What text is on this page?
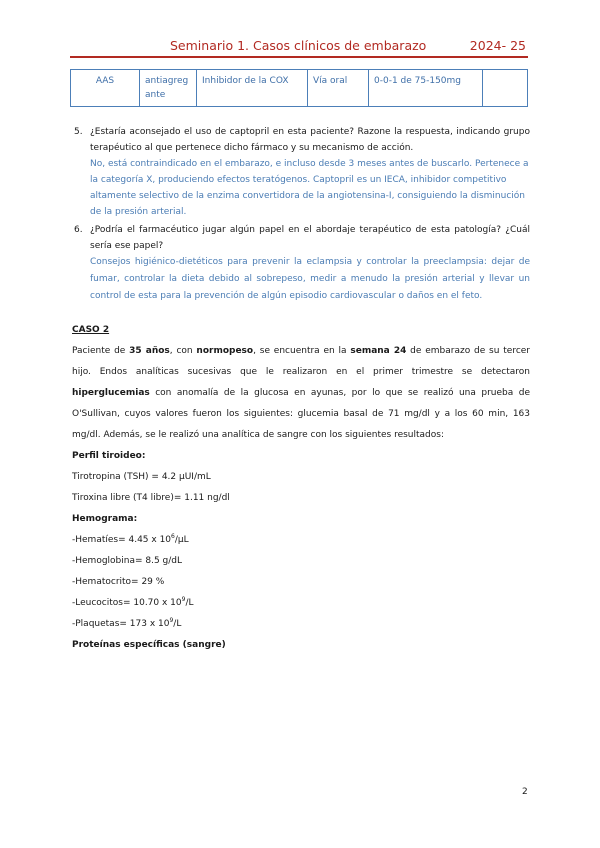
Seminario 1. Casos clínicos de embarazo	2024- 25
AAS	antiagregante	Inhibidor de la COX	Vía oral	0-0-1 de 75-150mg	
5. ¿Estaría aconsejado el uso de captopril en esta paciente? Razone la respuesta, indicando grupo terapéutico al que pertenece dicho fármaco y su mecanismo de acción.
No, está contraindicado en el embarazo, e incluso desde 3 meses antes de buscarlo. Pertenece a
la categoría X, produciendo efectos teratógenos. Captopril es un IECA, inhibidor competitivo
altamente selectivo de la enzima convertidora de la angiotensina-I, consiguiendo la disminución
de la presión arterial.
6. ¿Podría el farmacéutico jugar algún papel en el abordaje terapéutico de esta patología? ¿Cuál sería ese papel?
Consejos higiénico-dietéticos para prevenir la eclampsia y controlar la preeclampsia: dejar de fumar, controlar la dieta debido al sobrepeso, medir a menudo la presión arterial y llevar un control de esta para la prevención de algún episodio cardiovascular o daños en el feto.

CASO 2

Paciente de 35 años, con normopeso, se encuentra en la semana 24 de embarazo de su tercer hijo. Endos analíticas sucesivas que le realizaron en el primer trimestre se detectaron hiperglucemias con anomalía de la glucosa en ayunas, por lo que se realizó una prueba de O'Sullivan, cuyos valores fueron los siguientes: glucemia basal de 71 mg/dl y a los 60 min, 163 mg/dl. Además, se le realizó una analítica de sangre con los siguientes resultados:

Perfil tiroideo:

Tirotropina (TSH) = 4.2 µUI/mL

Tiroxina libre (T4 libre)= 1.11 ng/dl

Hemograma:

-Hematíes= 4.45 x $10^6/\mu L$

-Hemoglobina= 8.5 g/dL

-Hematocrito= 29 %

-Leucocitos= 10.70 x $10^9/L$

-Plaquetas= 173 x $10^9/L$

Proteínas específicas (sangre)

2
